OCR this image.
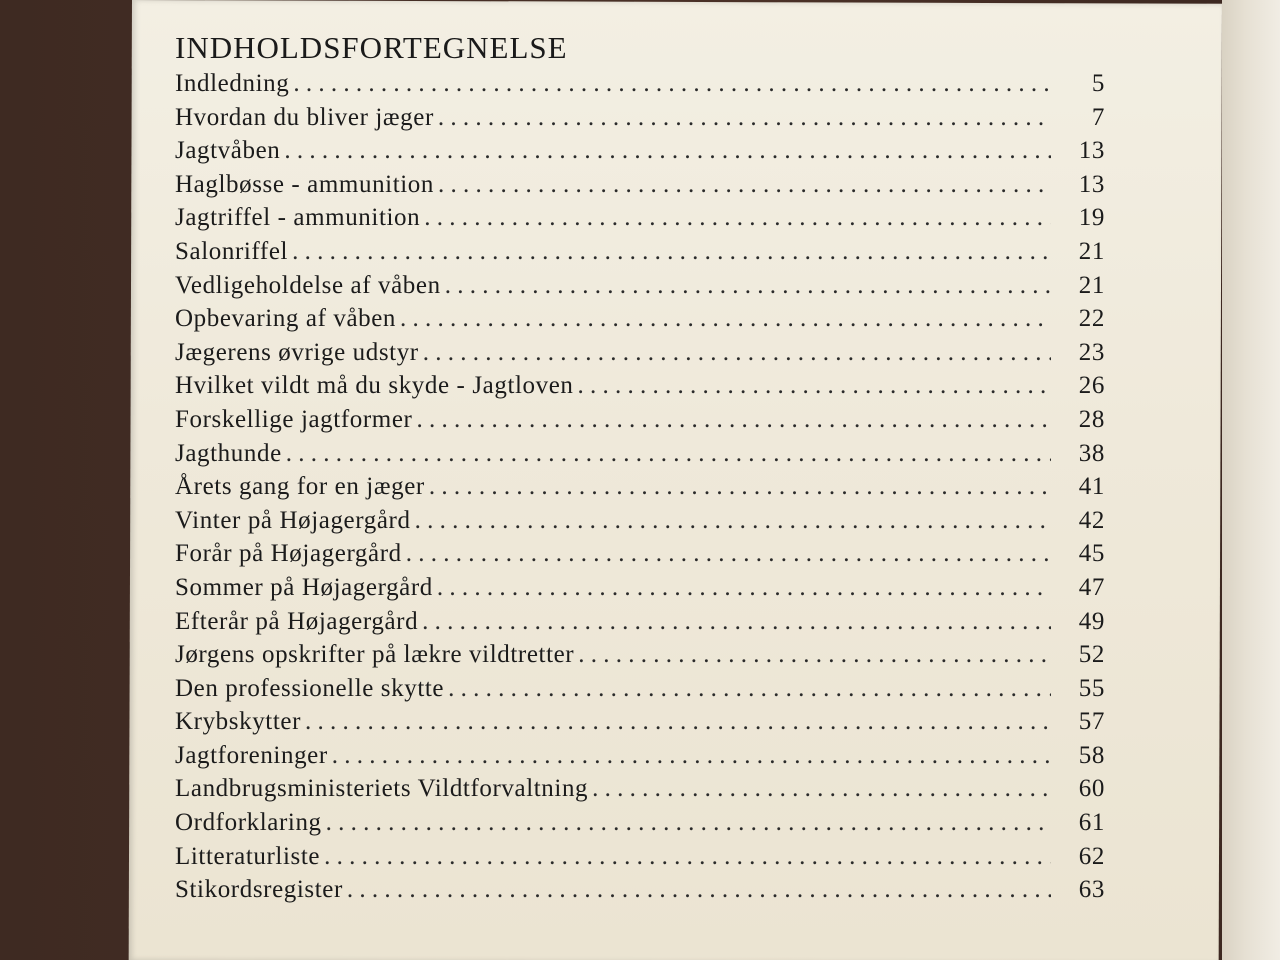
INDHOLDSFORTEGNELSE
Indledning . . .	5
Hvordan du bliver jæger . . .	7
Jagtvåben . . .	13
Haglbøsse - ammunition . . .	13
Jagtriffel - ammunition . . .	19
Salonriffel . . .	21
Vedligeholdelse af våben . . .	21
Opbevaring af våben . . .	22
Jægerens øvrige udstyr . . .	23
Hvilket vildt må du skyde - Jagtloven . . .	26
Forskellige jagtformer . . .	28
Jagthunde . . .	38
Årets gang for en jæger . . .	41
Vinter på Højagergård . . .	42
Forår på Højagergård . . .	45
Sommer på Højagergård . . .	47
Efterår på Højagergård . . .	49
Jørgens opskrifter på lækre vildtretter . . .	52
Den professionelle skytte . . .	55
Krybskytter . . .	57
Jagtforeninger . . .	58
Landbrugsministeriets Vildtforvaltning . . .	60
Ordforklaring . . .	61
Litteraturliste . . .	62
Stikordsregister . . .	63
